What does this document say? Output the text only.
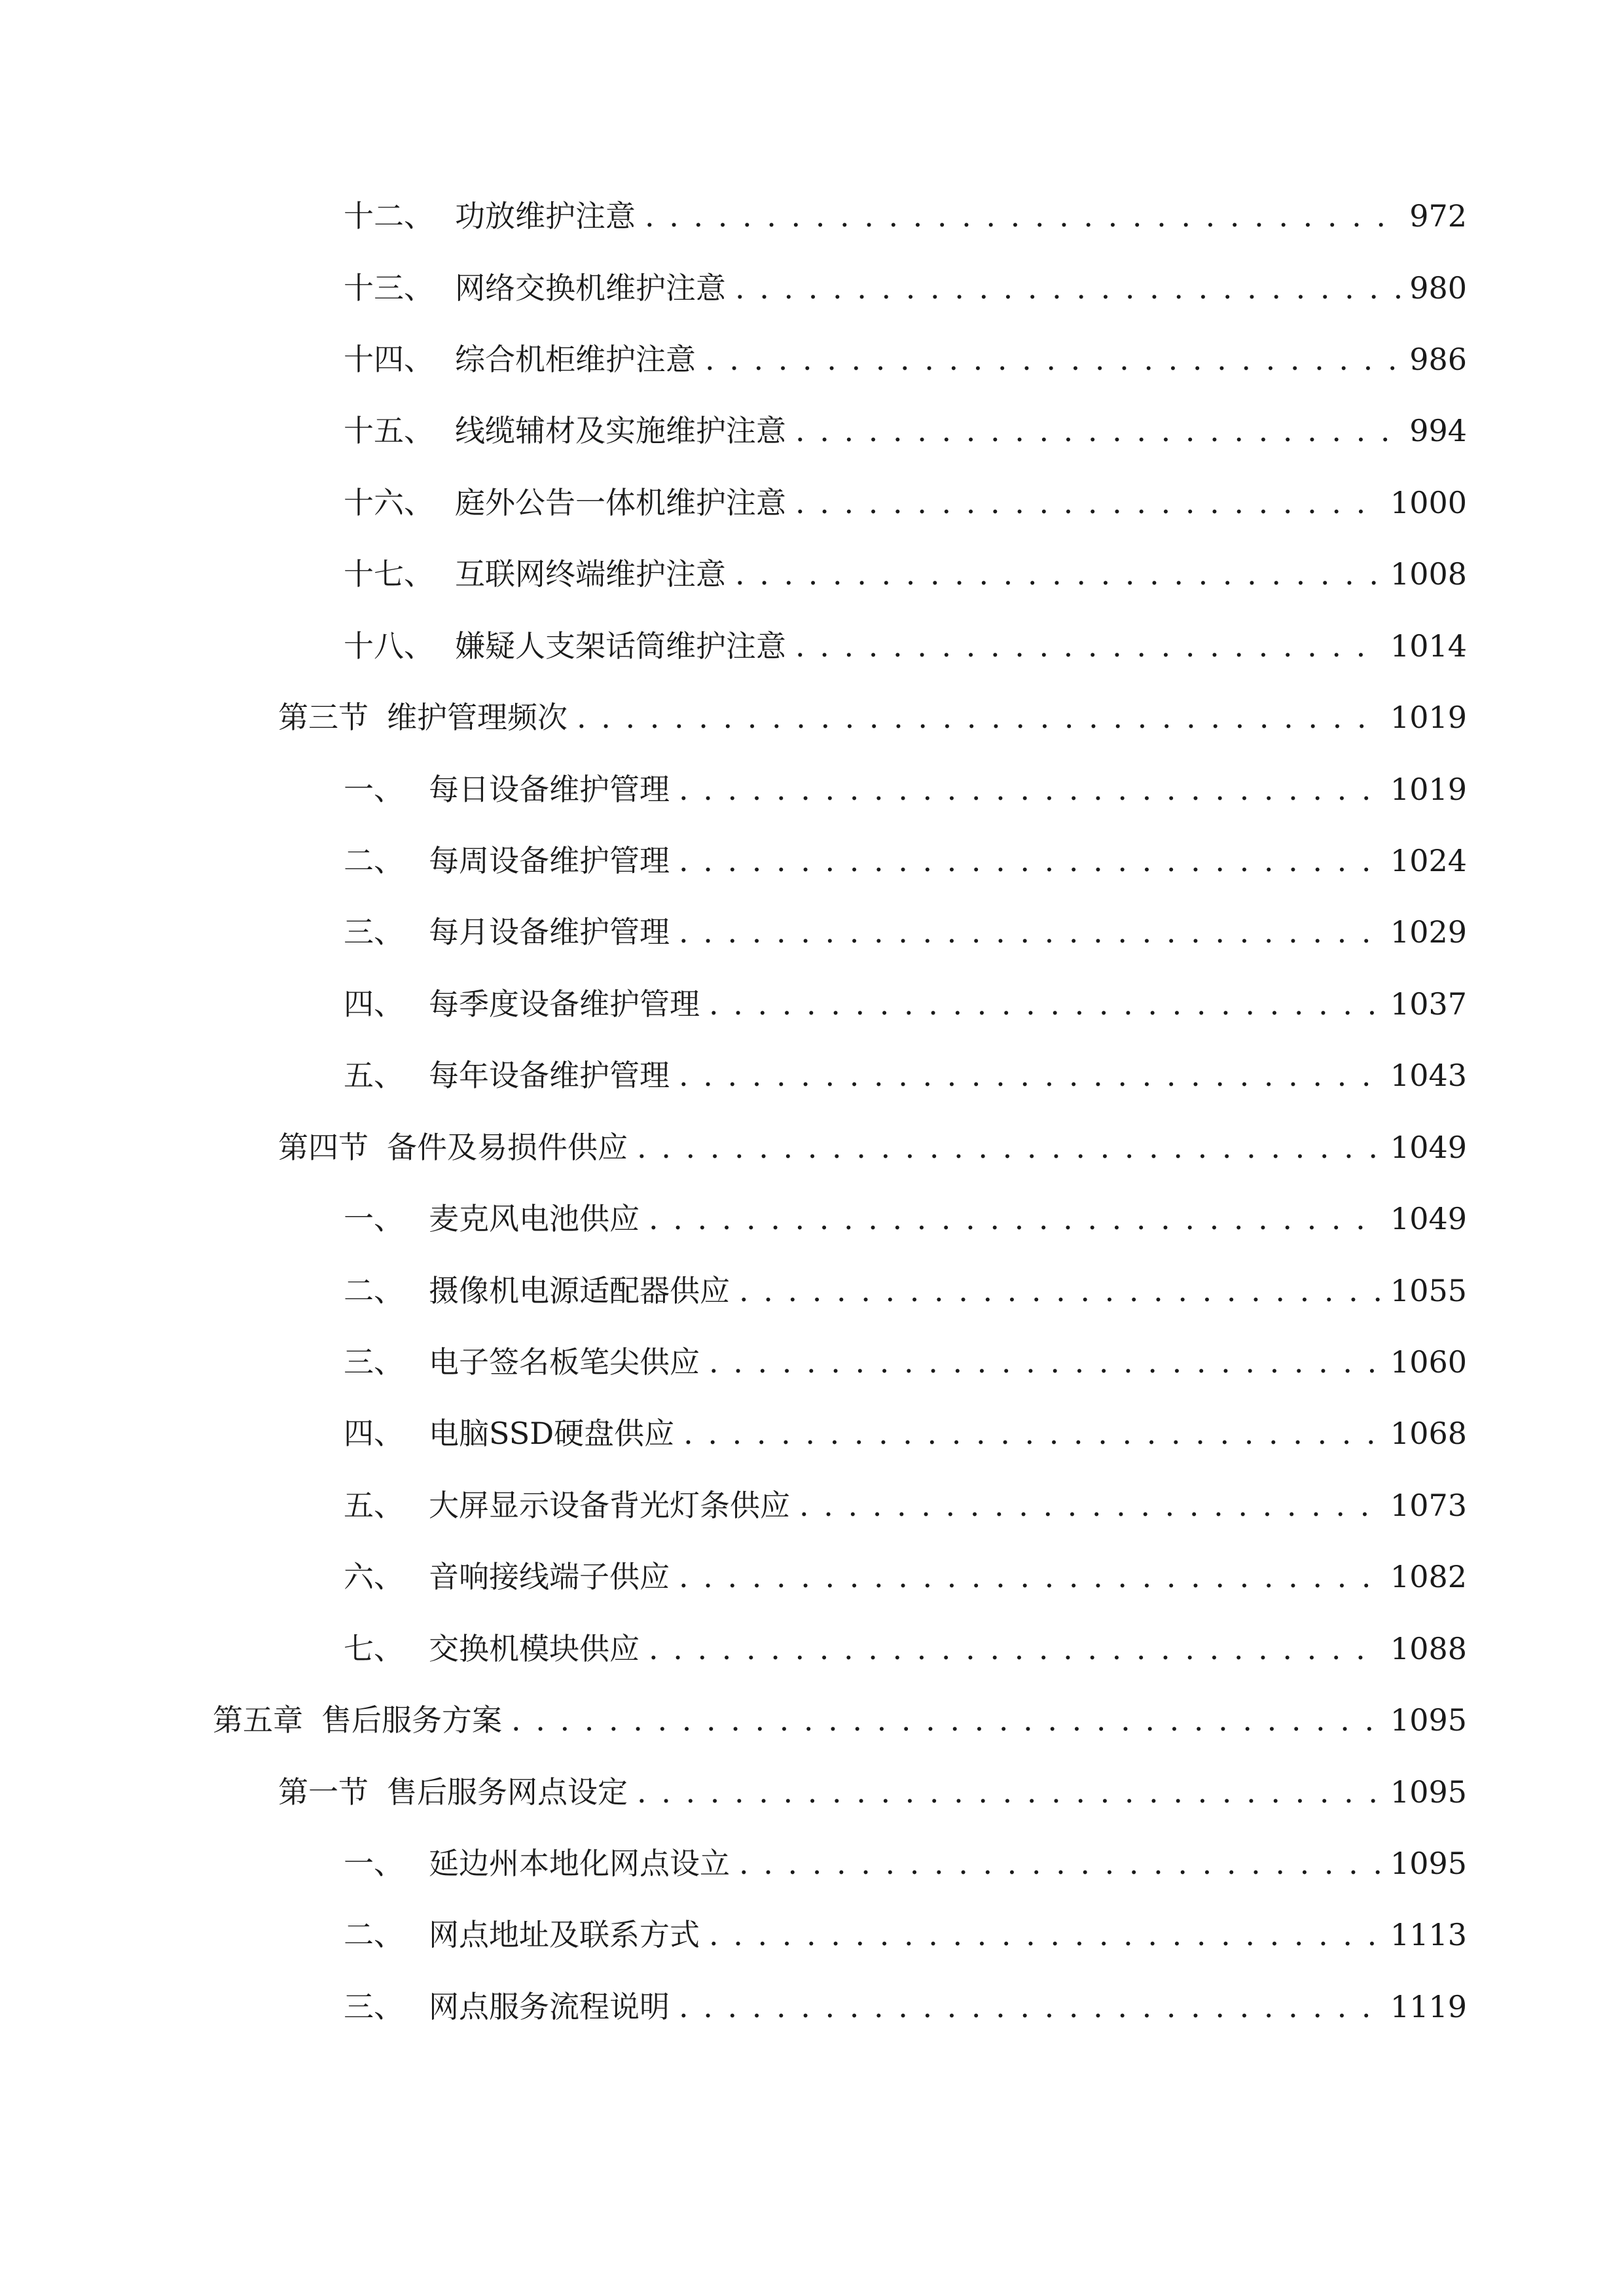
十二、 功放维护注意 . . .	972
十三、 网络交换机维护注意 . . .	980
十四、 综合机柜维护注意 . . .	986
十五、 线缆辅材及实施维护注意 . . .	994
十六、 庭外公告一体机维护注意 . . .	1000
十七、 互联网终端维护注意 . . .	1008
十八、 嫌疑人支架话筒维护注意 . . .	1014
第三节 维护管理频次 . . .	1019
一、 每日设备维护管理 . . .	1019
二、 每周设备维护管理 . . .	1024
三、 每月设备维护管理 . . .	1029
四、 每季度设备维护管理 . . .	1037
五、 每年设备维护管理 . . .	1043
第四节 备件及易损件供应 . . .	1049
一、 麦克风电池供应 . . .	1049
二、 摄像机电源适配器供应 . . .	1055
三、 电子签名板笔尖供应 . . .	1060
四、 电脑SSD硬盘供应 . . .	1068
五、 大屏显示设备背光灯条供应 . . .	1073
六、 音响接线端子供应 . . .	1082
七、 交换机模块供应 . . .	1088
第五章 售后服务方案 . . .	1095
第一节 售后服务网点设定 . . .	1095
一、 延边州本地化网点设立 . . .	1095
二、 网点地址及联系方式 . . .	1113
三、 网点服务流程说明 . . .	1119
